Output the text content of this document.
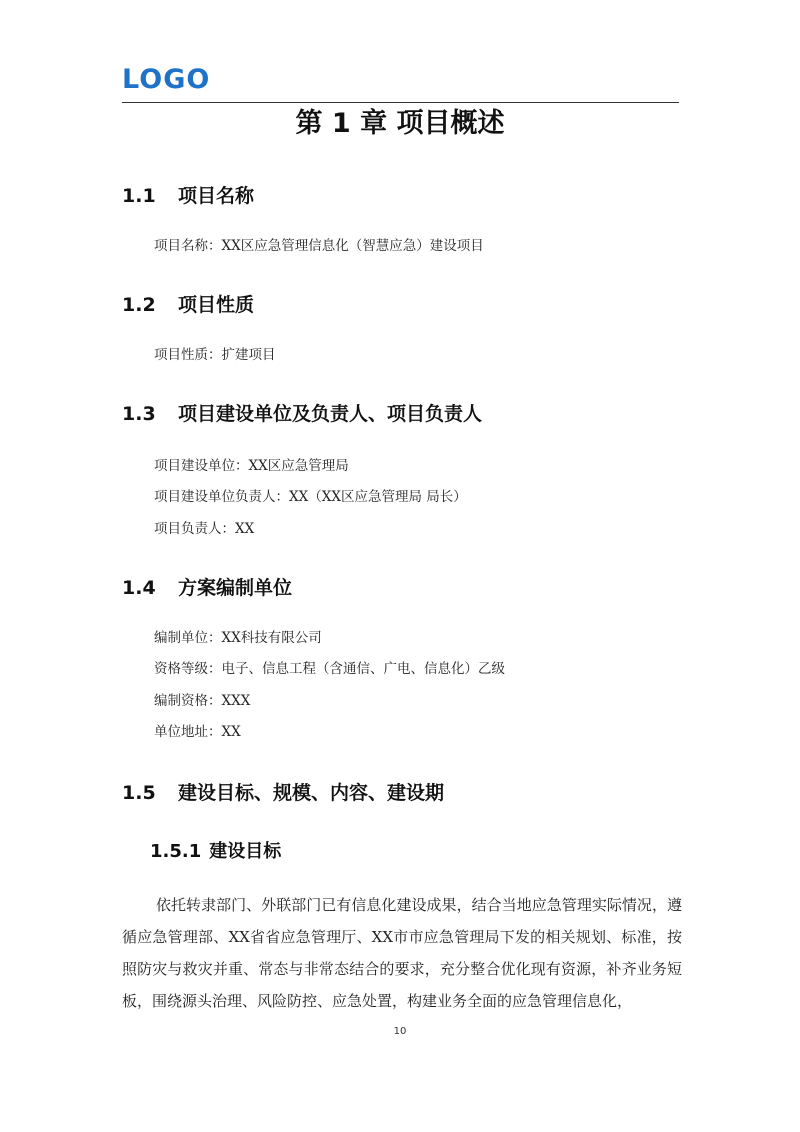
LOGO
第 1 章 项目概述
1.1 项目名称
项目名称：XX区应急管理信息化（智慧应急）建设项目
1.2 项目性质
项目性质：扩建项目
1.3 项目建设单位及负责人、项目负责人
项目建设单位：XX区应急管理局
项目建设单位负责人：XX（XX区应急管理局 局长）
项目负责人：XX
1.4 方案编制单位
编制单位：XX科技有限公司
资格等级：电子、信息工程（含通信、广电、信息化）乙级
编制资格：XXX
单位地址：XX
1.5 建设目标、规模、内容、建设期
1.5.1 建设目标

依托转隶部门、外联部门已有信息化建设成果，结合当地应急管理实际情况，遵循应急管理部、XX省省应急管理厅、XX市市应急管理局下发的相关规划、标准，按照防灾与救灾并重、常态与非常态结合的要求，充分整合优化现有资源，补齐业务短板，围绕源头治理、风险防控、应急处置，构建业务全面的应急管理信息化，

10
